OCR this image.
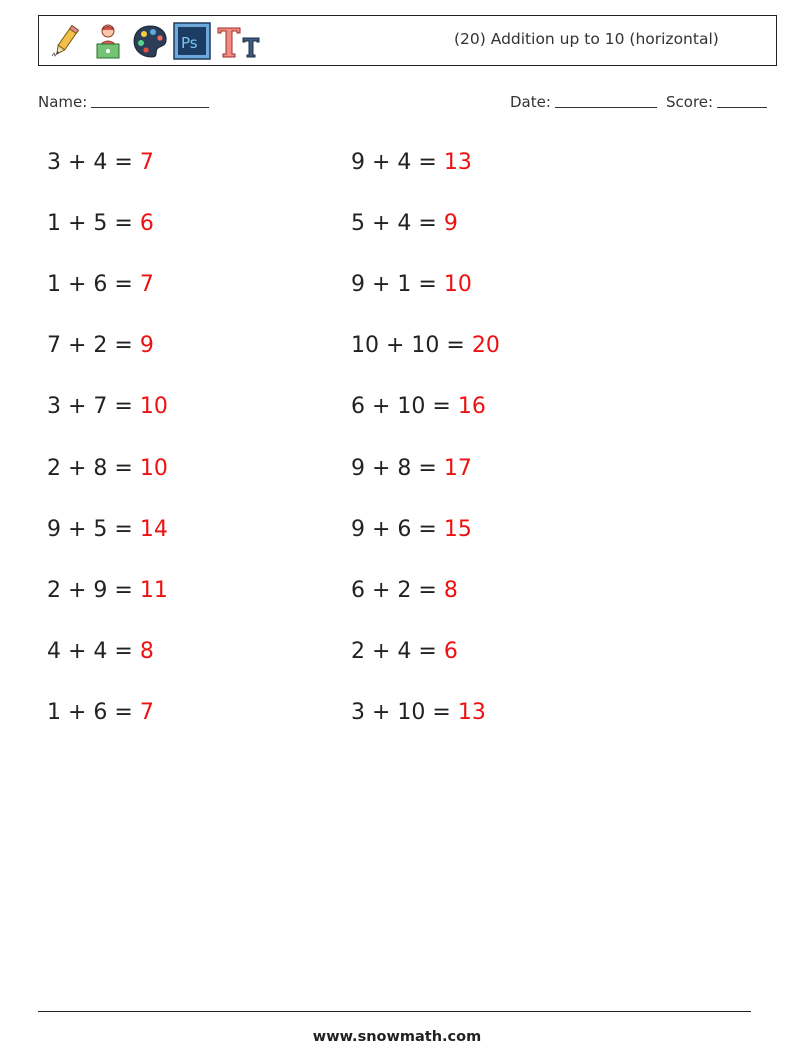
Ps	(20) Addition up to 10 (horizontal)
Name:	Date:	Score:
3 + 4 = 7
1 + 5 = 6
1 + 6 = 7
7 + 2 = 9
3 + 7 = 10
2 + 8 = 10
9 + 5 = 14
2 + 9 = 11
4 + 4 = 8
1 + 6 = 7
9 + 4 = 13
5 + 4 = 9
9 + 1 = 10
10 + 10 = 20
6 + 10 = 16
9 + 8 = 17
9 + 6 = 15
6 + 2 = 8
2 + 4 = 6
3 + 10 = 13
www.snowmath.com
